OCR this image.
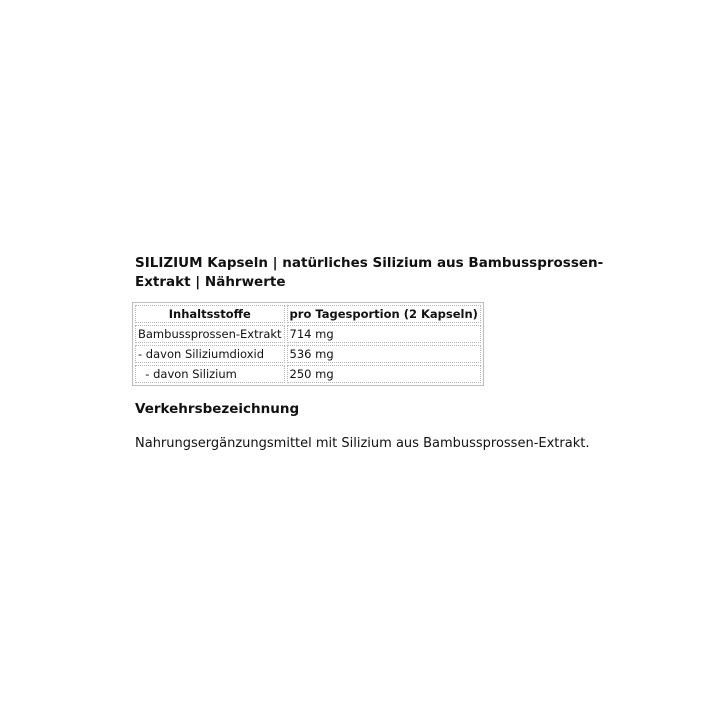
SILIZIUM Kapseln | natürliches Silizium aus Bambussprossen-Extrakt | Nährwerte
Inhaltsstoffe	pro Tagesportion (2 Kapseln)
Bambussprossen-Extrakt	714 mg
- davon Siliziumdioxid	536 mg
- davon Silizium	250 mg
Verkehrsbezeichnung

Nahrungsergänzungsmittel mit Silizium aus Bambussprossen-Extrakt.
